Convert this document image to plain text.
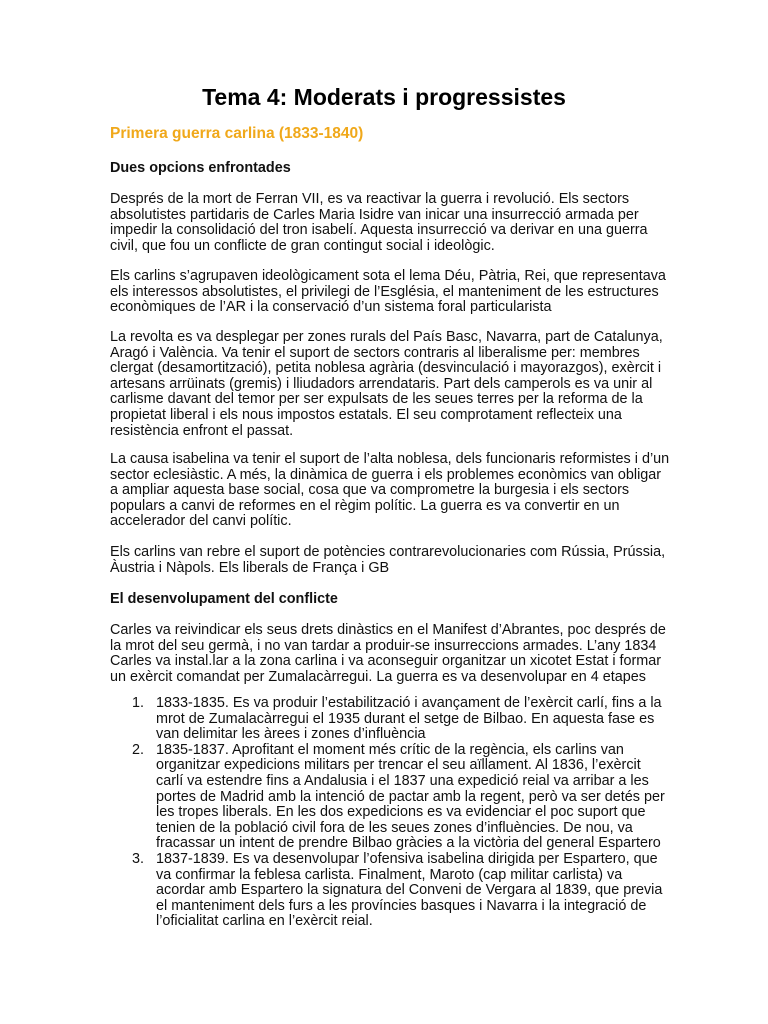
Tema 4: Moderats i progressistes
Primera guerra carlina (1833-1840)
Dues opcions enfrontades

Després de la mort de Ferran VII, es va reactivar la guerra i revolució. Els sectors absolutistes partidaris de Carles Maria Isidre van inicar una insurrecció armada per impedir la consolidació del tron isabelí. Aquesta insurrecció va derivar en una guerra civil, que fou un conflicte de gran contingut social i ideològic.

Els carlins s’agrupaven ideològicament sota el lema Déu, Pàtria, Rei, que representava els interessos absolutistes, el privilegi de l’Església, el manteniment de les estructures econòmiques de l’AR i la conservació d’un sistema foral particularista

La revolta es va desplegar per zones rurals del País Basc, Navarra, part de Catalunya, Aragó i València. Va tenir el suport de sectors contraris al liberalisme per: membres clergat (desamortització), petita noblesa agrària (desvinculació i mayorazgos), exèrcit i artesans arrüinats (gremis) i lliudadors arrendataris. Part dels camperols es va unir al carlisme davant del temor per ser expulsats de les seues terres per la reforma de la propietat liberal i els nous impostos estatals. El seu comprotament reflecteix una resistència enfront el passat.

La causa isabelina va tenir el suport de l’alta noblesa, dels funcionaris reformistes i d’un sector eclesiàstic. A més, la dinàmica de guerra i els problemes econòmics van obligar a ampliar aquesta base social, cosa que va comprometre la burgesia i els sectors populars a canvi de reformes en el règim polític. La guerra es va convertir en un accelerador del canvi polític.

Els carlins van rebre el suport de potències contrarevolucionaries com Rússia, Prússia, Àustria i Nàpols. Els liberals de França i GB

El desenvolupament del conflicte

Carles va reivindicar els seus drets dinàstics en el Manifest d’Abrantes, poc després de la mrot del seu germà, i no van tardar a produir-se insurreccions armades. L’any 1834 Carles va instal.lar a la zona carlina i va aconseguir organitzar un xicotet Estat i formar un exèrcit comandat per Zumalacàrregui. La guerra es va desenvolupar en 4 etapes

1. 1833-1835. Es va produir l’estabilització i avançament de l’exèrcit carlí, fins a la mrot de Zumalacàrregui el 1935 durant el setge de Bilbao. En aquesta fase es van delimitar les àrees i zones d’influència
2. 1835-1837. Aprofitant el moment més crític de la regència, els carlins van organitzar expedicions militars per trencar el seu aïllament. Al 1836, l’exèrcit carlí va estendre fins a Andalusia i el 1837 una expedició reial va arribar a les portes de Madrid amb la intenció de pactar amb la regent, però va ser detés per les tropes liberals. En les dos expedicions es va evidenciar el poc suport que tenien de la població civil fora de les seues zones d’influències. De nou, va fracassar un intent de prendre Bilbao gràcies a la victòria del general Espartero
3. 1837-1839. Es va desenvolupar l’ofensiva isabelina dirigida per Espartero, que va confirmar la feblesa carlista. Finalment, Maroto (cap militar carlista) va acordar amb Espartero la signatura del Conveni de Vergara al 1839, que previa el manteniment dels furs a les províncies basques i Navarra i la integració de l’oficialitat carlina en l’exèrcit reial.
